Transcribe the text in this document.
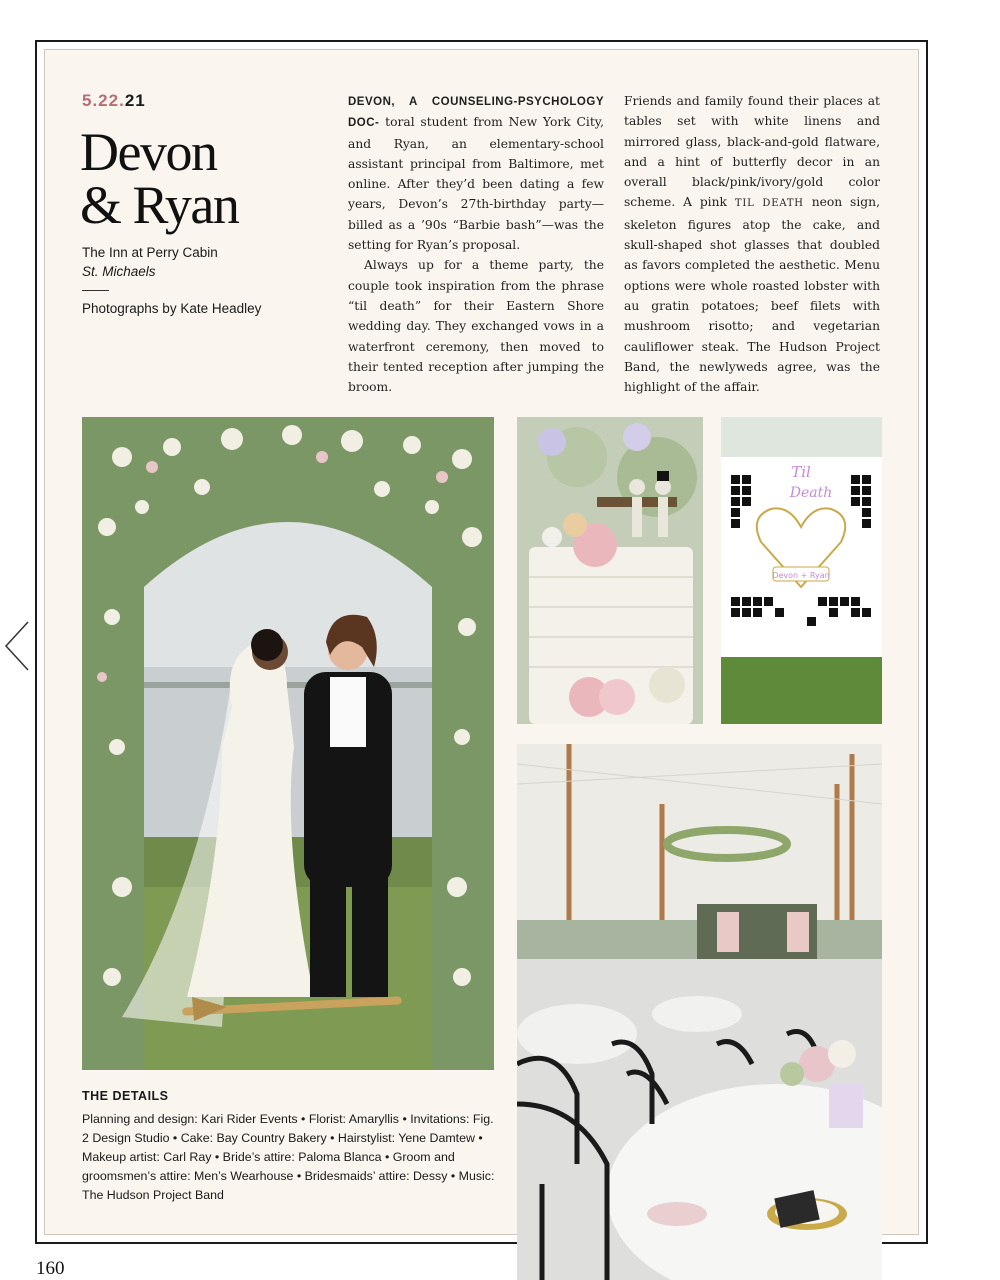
5.22.21
Devon
& Ryan
The Inn at Perry Cabin
St. Michaels
Photographs by Kate Headley

DEVON, A COUNSELING-PSYCHOLOGY DOC- toral student from New York City, and Ryan, an elementary-school assistant principal from Baltimore, met online. After they’d been dating a few years, Devon’s 27th-birthday party—billed as a ’90s “Barbie bash”—was the setting for Ryan’s proposal.

Always up for a theme party, the couple took inspiration from the phrase “til death” for their Eastern Shore wedding day. They exchanged vows in a waterfront ceremony, then moved to their tented reception after jumping the broom.

Friends and family found their places at tables set with white linens and mirrored glass, black-and-gold flatware, and a hint of butterfly decor in an overall black/pink/ivory/gold color scheme. A pink TIL DEATH neon sign, skeleton figures atop the cake, and skull-shaped shot glasses that doubled as favors completed the aesthetic. Menu options were whole roasted lobster with au gratin potatoes; beef filets with mushroom risotto; and vegetarian cauliflower steak. The Hudson Project Band, the newlyweds agree, was the highlight of the affair.

Til
Death
Devon + Ryan
THE DETAILS
Planning and design: Kari Rider Events • Florist: Amaryllis • Invitations: Fig. 2 Design Studio • Cake: Bay Country Bakery • Hairstylist: Yene Damtew • Makeup artist: Carl Ray • Bride’s attire: Paloma Blanca • Groom and groomsmen’s attire: Men’s Wearhouse • Bridesmaids’ attire: Dessy • Music: The Hudson Project Band
160
